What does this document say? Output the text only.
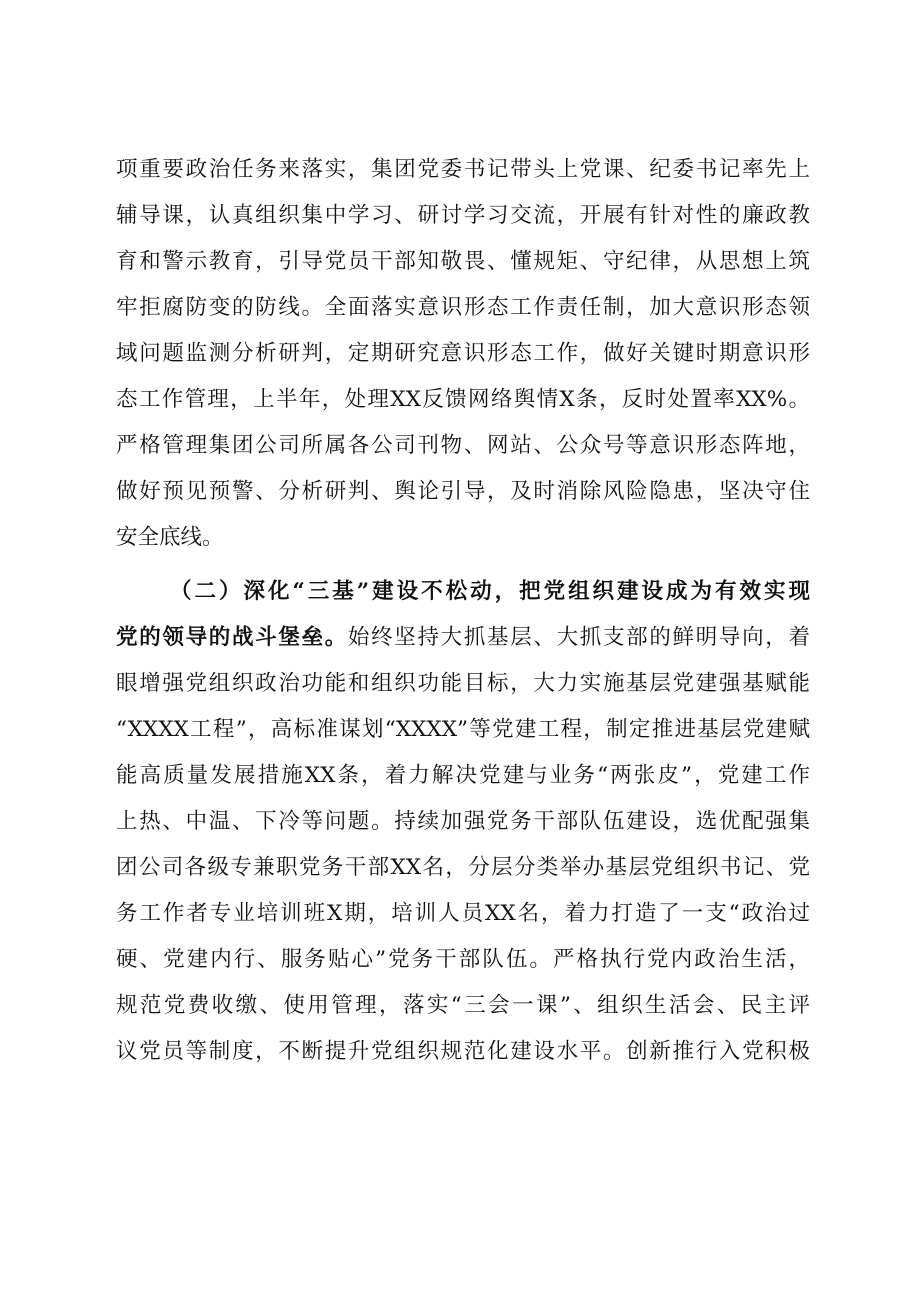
项重要政治任务来落实，集团党委书记带头上党课、纪委书记率先上
辅导课，认真组织集中学习、研讨学习交流，开展有针对性的廉政教
育和警示教育，引导党员干部知敬畏、懂规矩、守纪律，从思想上筑
牢拒腐防变的防线。全面落实意识形态工作责任制，加大意识形态领
域问题监测分析研判，定期研究意识形态工作，做好关键时期意识形
态工作管理，上半年，处理XX反馈网络舆情X条，反时处置率XX%。
严格管理集团公司所属各公司刊物、网站、公众号等意识形态阵地，
做好预见预警、分析研判、舆论引导，及时消除风险隐患，坚决守住
安全底线。
（二）深化“三基”建设不松动，把党组织建设成为有效实现
党的领导的战斗堡垒。始终坚持大抓基层、大抓支部的鲜明导向，着
眼增强党组织政治功能和组织功能目标，大力实施基层党建强基赋能
“XXXX工程”，高标准谋划“XXXX”等党建工程，制定推进基层党建赋
能高质量发展措施XX条，着力解决党建与业务“两张皮”，党建工作
上热、中温、下冷等问题。持续加强党务干部队伍建设，选优配强集
团公司各级专兼职党务干部XX名，分层分类举办基层党组织书记、党
务工作者专业培训班X期，培训人员XX名，着力打造了一支“政治过
硬、党建内行、服务贴心”党务干部队伍。严格执行党内政治生活，
规范党费收缴、使用管理，落实“三会一课”、组织生活会、民主评
议党员等制度，不断提升党组织规范化建设水平。创新推行入党积极
